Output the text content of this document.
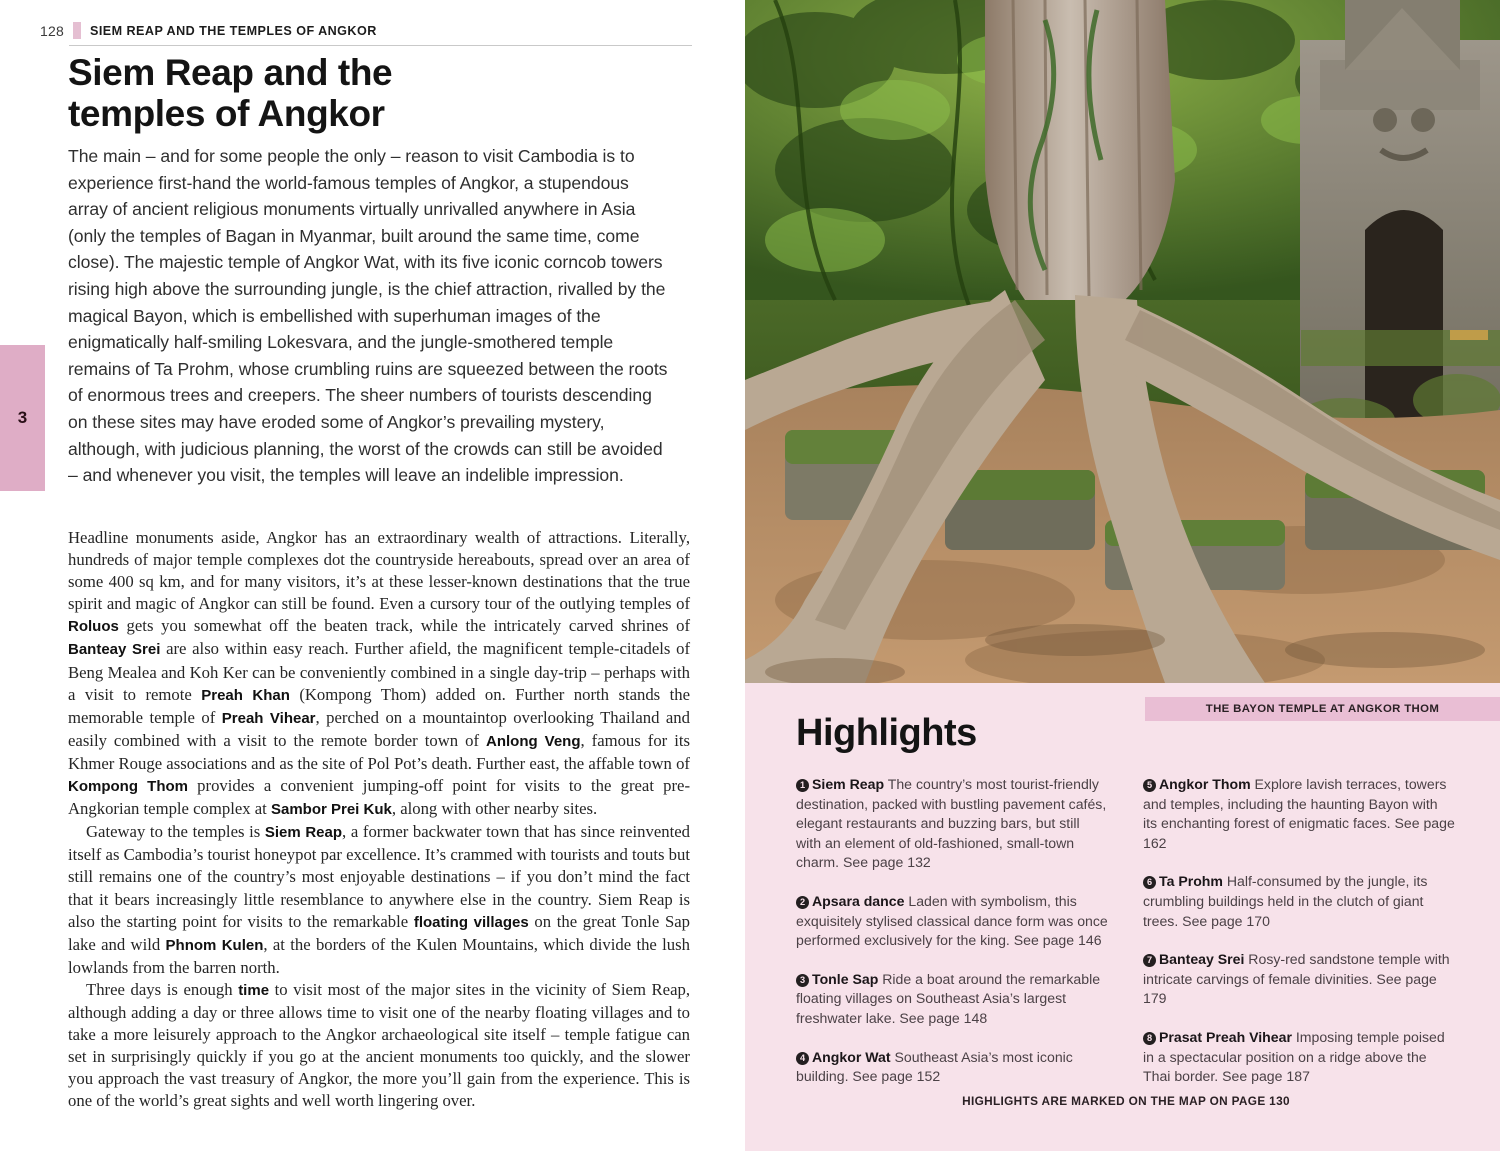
3
128 SIEM REAP AND THE TEMPLES OF ANGKOR
Siem Reap and the
temples of Angkor
The main – and for some people the only – reason to visit Cambodia is to experience first-hand the world-famous temples of Angkor, a stupendous array of ancient religious monuments virtually unrivalled anywhere in Asia (only the temples of Bagan in Myanmar, built around the same time, come close). The majestic temple of Angkor Wat, with its five iconic corncob towers rising high above the surrounding jungle, is the chief attraction, rivalled by the magical Bayon, which is embellished with superhuman images of the enigmatically half-smiling Lokesvara, and the jungle-smothered temple remains of Ta Prohm, whose crumbling ruins are squeezed between the roots of enormous trees and creepers. The sheer numbers of tourists descending on these sites may have eroded some of Angkor’s prevailing mystery, although, with judicious planning, the worst of the crowds can still be avoided – and whenever you visit, the temples will leave an indelible impression.

Headline monuments aside, Angkor has an extraordinary wealth of attractions. Literally, hundreds of major temple complexes dot the countryside hereabouts, spread over an area of some 400 sq km, and for many visitors, it’s at these lesser-known destinations that the true spirit and magic of Angkor can still be found. Even a cursory tour of the outlying temples of Roluos gets you somewhat off the beaten track, while the intricately carved shrines of Banteay Srei are also within easy reach. Further afield, the magnificent temple-citadels of Beng Mealea and Koh Ker can be conveniently combined in a single day-trip – perhaps with a visit to remote Preah Khan (Kompong Thom) added on. Further north stands the memorable temple of Preah Vihear, perched on a mountaintop overlooking Thailand and easily combined with a visit to the remote border town of Anlong Veng, famous for its Khmer Rouge associations and as the site of Pol Pot’s death. Further east, the affable town of Kompong Thom provides a convenient jumping-off point for visits to the great pre-Angkorian temple complex at Sambor Prei Kuk, along with other nearby sites.

Gateway to the temples is Siem Reap, a former backwater town that has since reinvented itself as Cambodia’s tourist honeypot par excellence. It’s crammed with tourists and touts but still remains one of the country’s most enjoyable destinations – if you don’t mind the fact that it bears increasingly little resemblance to anywhere else in the country. Siem Reap is also the starting point for visits to the remarkable floating villages on the great Tonle Sap lake and wild Phnom Kulen, at the borders of the Kulen Mountains, which divide the lush lowlands from the barren north.

Three days is enough time to visit most of the major sites in the vicinity of Siem Reap, although adding a day or three allows time to visit one of the nearby floating villages and to take a more leisurely approach to the Angkor archaeological site itself – temple fatigue can set in surprisingly quickly if you go at the ancient monuments too quickly, and the slower you approach the vast treasury of Angkor, the more you’ll gain from the experience. This is one of the world’s great sights and well worth lingering over.

THE BAYON TEMPLE AT ANGKOR THOM
Highlights

1 Siem Reap The country’s most tourist-friendly destination, packed with bustling pavement cafés, elegant restaurants and buzzing bars, but still with an element of old-fashioned, small-town charm. See page 132

2 Apsara dance Laden with symbolism, this exquisitely stylised classical dance form was once performed exclusively for the king. See page 146

3 Tonle Sap Ride a boat around the remarkable floating villages on Southeast Asia’s largest freshwater lake. See page 148

4 Angkor Wat Southeast Asia’s most iconic building. See page 152

5 Angkor Thom Explore lavish terraces, towers and temples, including the haunting Bayon with its enchanting forest of enigmatic faces. See page 162

6 Ta Prohm Half-consumed by the jungle, its crumbling buildings held in the clutch of giant trees. See page 170

7 Banteay Srei Rosy-red sandstone temple with intricate carvings of female divinities. See page 179

8 Prasat Preah Vihear Imposing temple poised in a spectacular position on a ridge above the Thai border. See page 187

HIGHLIGHTS ARE MARKED ON THE MAP ON PAGE 130
